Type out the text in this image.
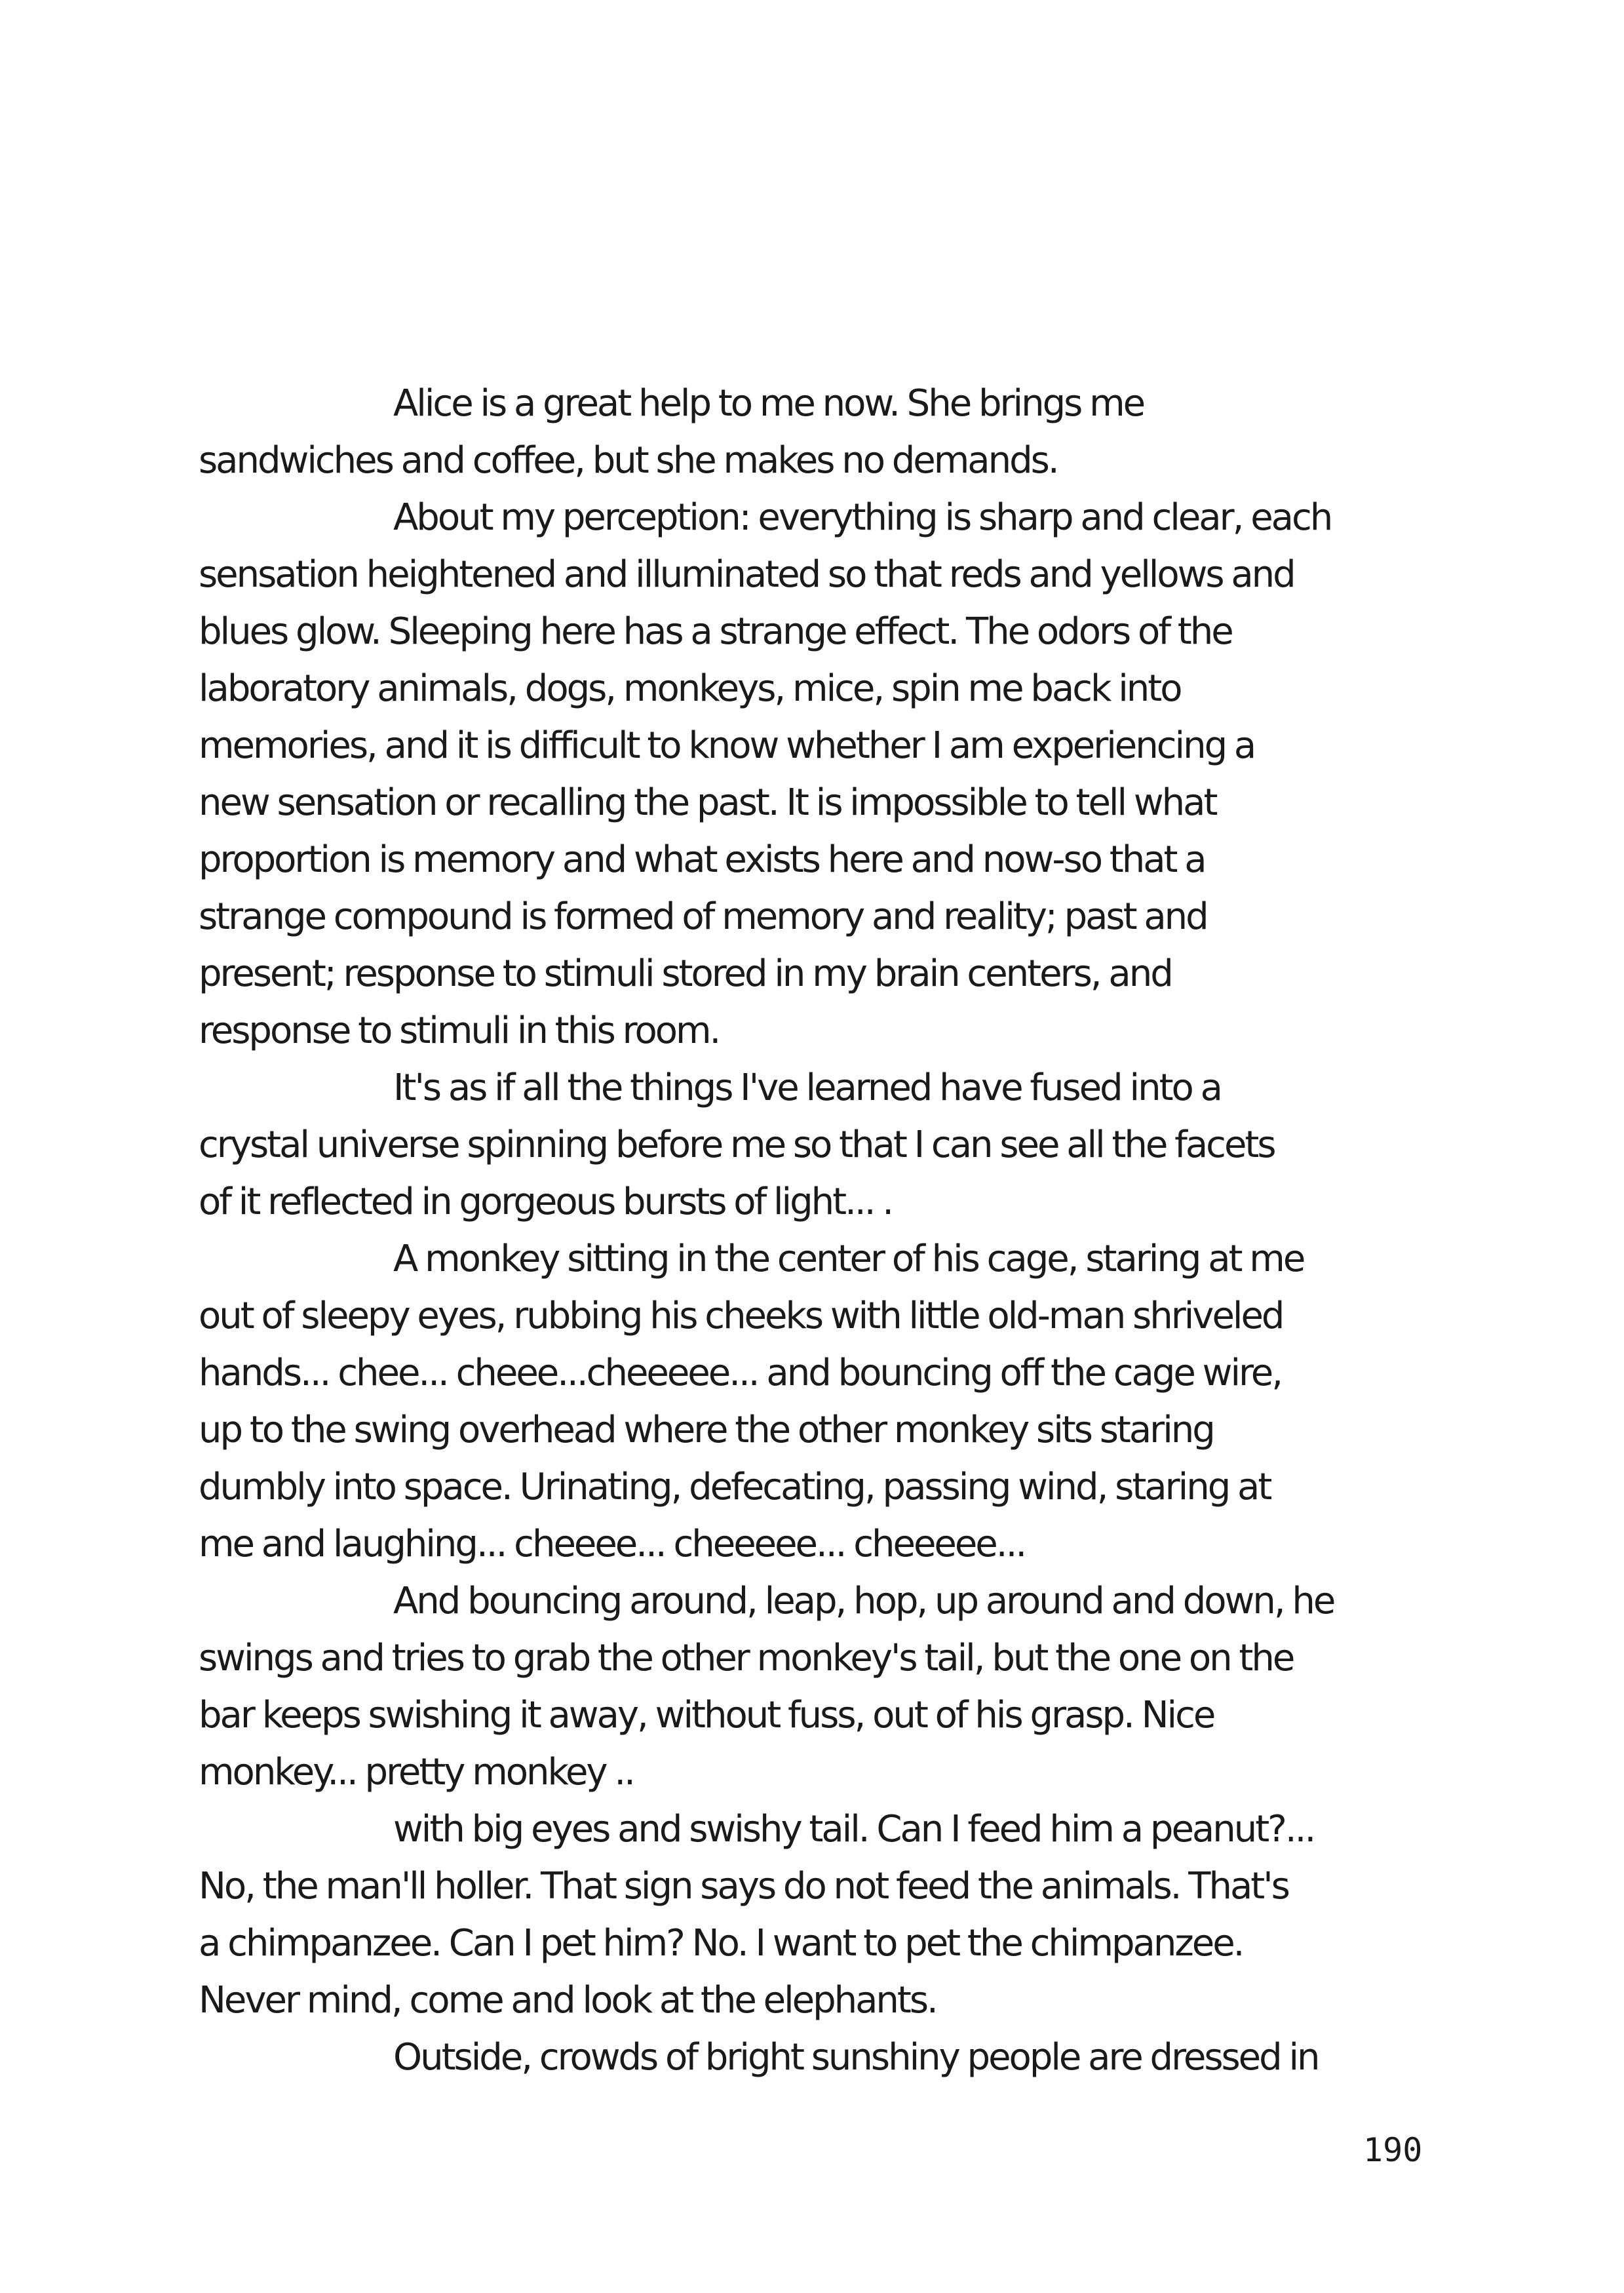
Alice is a great help to me now. She brings me
sandwiches and coffee, but she makes no demands.
About my perception: everything is sharp and clear, each
sensation heightened and illuminated so that reds and yellows and
blues glow. Sleeping here has a strange effect. The odors of the
laboratory animals, dogs, monkeys, mice, spin me back into
memories, and it is difficult to know whether I am experiencing a
new sensation or recalling the past. It is impossible to tell what
proportion is memory and what exists here and now-so that a
strange compound is formed of memory and reality; past and
present; response to stimuli stored in my brain centers, and
response to stimuli in this room.
It's as if all the things I've learned have fused into a
crystal universe spinning before me so that I can see all the facets
of it reflected in gorgeous bursts of light... .
A monkey sitting in the center of his cage, staring at me
out of sleepy eyes, rubbing his cheeks with little old-man shriveled
hands... chee... cheee...cheeeee... and bouncing off the cage wire,
up to the swing overhead where the other monkey sits staring
dumbly into space. Urinating, defecating, passing wind, staring at
me and laughing... cheeee... cheeeee... cheeeee...
And bouncing around, leap, hop, up around and down, he
swings and tries to grab the other monkey's tail, but the one on the
bar keeps swishing it away, without fuss, out of his grasp. Nice
monkey... pretty monkey ..
with big eyes and swishy tail. Can I feed him a peanut?...
No, the man'll holler. That sign says do not feed the animals. That's
a chimpanzee. Can I pet him? No. I want to pet the chimpanzee.
Never mind, come and look at the elephants.
Outside, crowds of bright sunshiny people are dressed in
190
